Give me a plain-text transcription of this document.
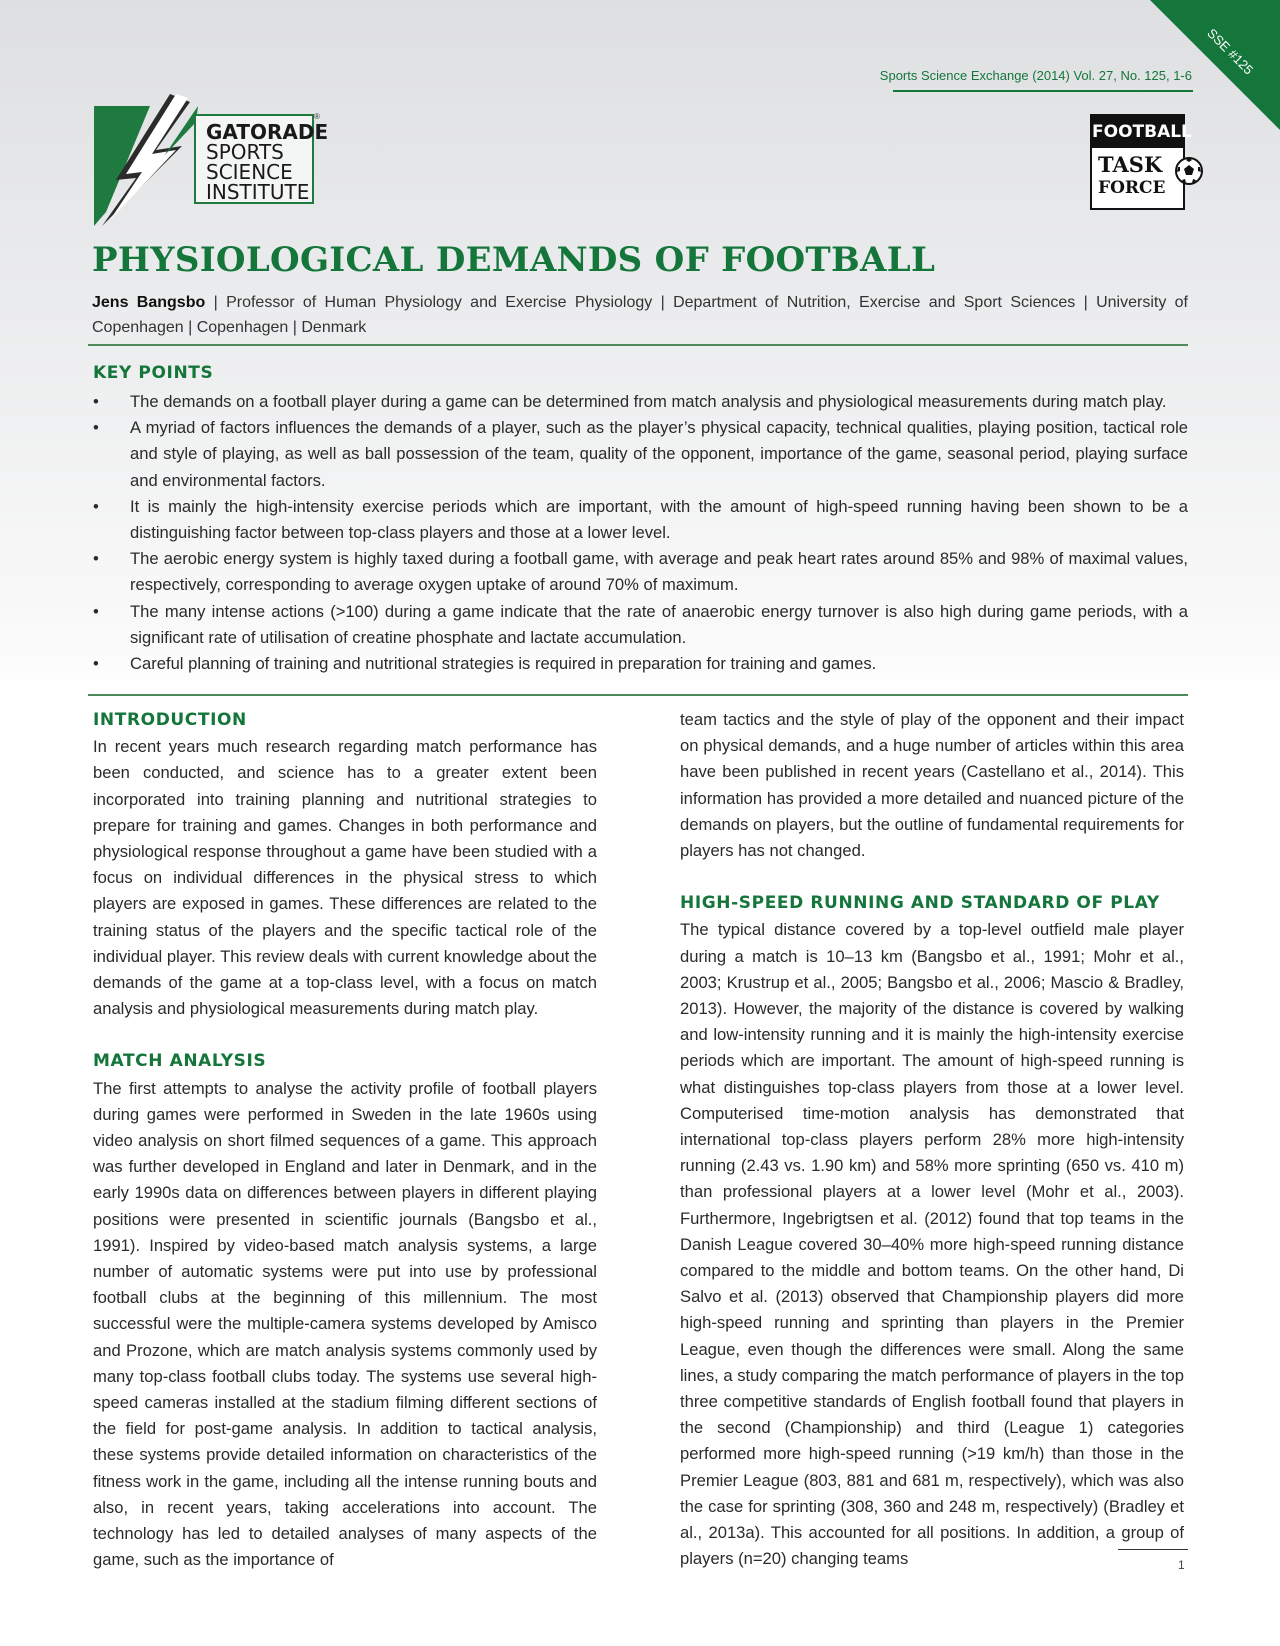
SSE #125
Sports Science Exchange (2014) Vol. 27, No. 125, 1-6
GATORADE
SPORTS
SCIENCE
INSTITUTE
®
FOOTBALL
TASK
FORCE
PHYSIOLOGICAL DEMANDS OF FOOTBALL
Jens Bangsbo | Professor of Human Physiology and Exercise Physiology | Department of Nutrition, Exercise and Sport Sciences | University of Copenhagen | Copenhagen | Denmark
KEY POINTS
• The demands on a football player during a game can be determined from match analysis and physiological measurements during match play.
• A myriad of factors influences the demands of a player, such as the player’s physical capacity, technical qualities, playing position, tactical role and style of playing, as well as ball possession of the team, quality of the opponent, importance of the game, seasonal period, playing surface and environmental factors.
• It is mainly the high-intensity exercise periods which are important, with the amount of high-speed running having been shown to be a distinguishing factor between top-class players and those at a lower level.
• The aerobic energy system is highly taxed during a football game, with average and peak heart rates around 85% and 98% of maximal values, respectively, corresponding to average oxygen uptake of around 70% of maximum.
• The many intense actions (>100) during a game indicate that the rate of anaerobic energy turnover is also high during game periods, with a significant rate of utilisation of creatine phosphate and lactate accumulation.
• Careful planning of training and nutritional strategies is required in preparation for training and games.
INTRODUCTION

In recent years much research regarding match performance has been conducted, and science has to a greater extent been incorporated into training planning and nutritional strategies to prepare for training and games. Changes in both performance and physiological response throughout a game have been studied with a focus on individual differences in the physical stress to which players are exposed in games. These differences are related to the training status of the players and the specific tactical role of the individual player. This review deals with current knowledge about the demands of the game at a top-class level, with a focus on match analysis and physiological measurements during match play.

MATCH ANALYSIS

The first attempts to analyse the activity profile of football players during games were performed in Sweden in the late 1960s using video analysis on short filmed sequences of a game. This approach was further developed in England and later in Denmark, and in the early 1990s data on differences between players in different playing positions were presented in scientific journals (Bangsbo et al., 1991). Inspired by video-based match analysis systems, a large number of automatic systems were put into use by professional football clubs at the beginning of this millennium. The most successful were the multiple-camera systems developed by Amisco and Prozone, which are match analysis systems commonly used by many top-class football clubs today. The systems use several high-speed cameras installed at the stadium filming different sections of the field for post-game analysis. In addition to tactical analysis, these systems provide detailed information on characteristics of the fitness work in the game, including all the intense running bouts and also, in recent years, taking accelerations into account. The technology has led to detailed analyses of many aspects of the game, such as the importance of

team tactics and the style of play of the opponent and their impact on physical demands, and a huge number of articles within this area have been published in recent years (Castellano et al., 2014). This information has provided a more detailed and nuanced picture of the demands on players, but the outline of fundamental requirements for players has not changed.

HIGH-SPEED RUNNING AND STANDARD OF PLAY

The typical distance covered by a top-level outfield male player during a match is 10–13 km (Bangsbo et al., 1991; Mohr et al., 2003; Krustrup et al., 2005; Bangsbo et al., 2006; Mascio & Bradley, 2013). However, the majority of the distance is covered by walking and low-intensity running and it is mainly the high-intensity exercise periods which are important. The amount of high-speed running is what distinguishes top-class players from those at a lower level. Computerised time-motion analysis has demonstrated that international top-class players perform 28% more high-intensity running (2.43 vs. 1.90 km) and 58% more sprinting (650 vs. 410 m) than professional players at a lower level (Mohr et al., 2003). Furthermore, Ingebrigtsen et al. (2012) found that top teams in the Danish League covered 30–40% more high-speed running distance compared to the middle and bottom teams. On the other hand, Di Salvo et al. (2013) observed that Championship players did more high-speed running and sprinting than players in the Premier League, even though the differences were small. Along the same lines, a study comparing the match performance of players in the top three competitive standards of English football found that players in the second (Championship) and third (League 1) categories performed more high-speed running (>19 km/h) than those in the Premier League (803, 881 and 681 m, respectively), which was also the case for sprinting (308, 360 and 248 m, respectively) (Bradley et al., 2013a). This accounted for all positions. In addition, a group of players (n=20) changing teams	1
